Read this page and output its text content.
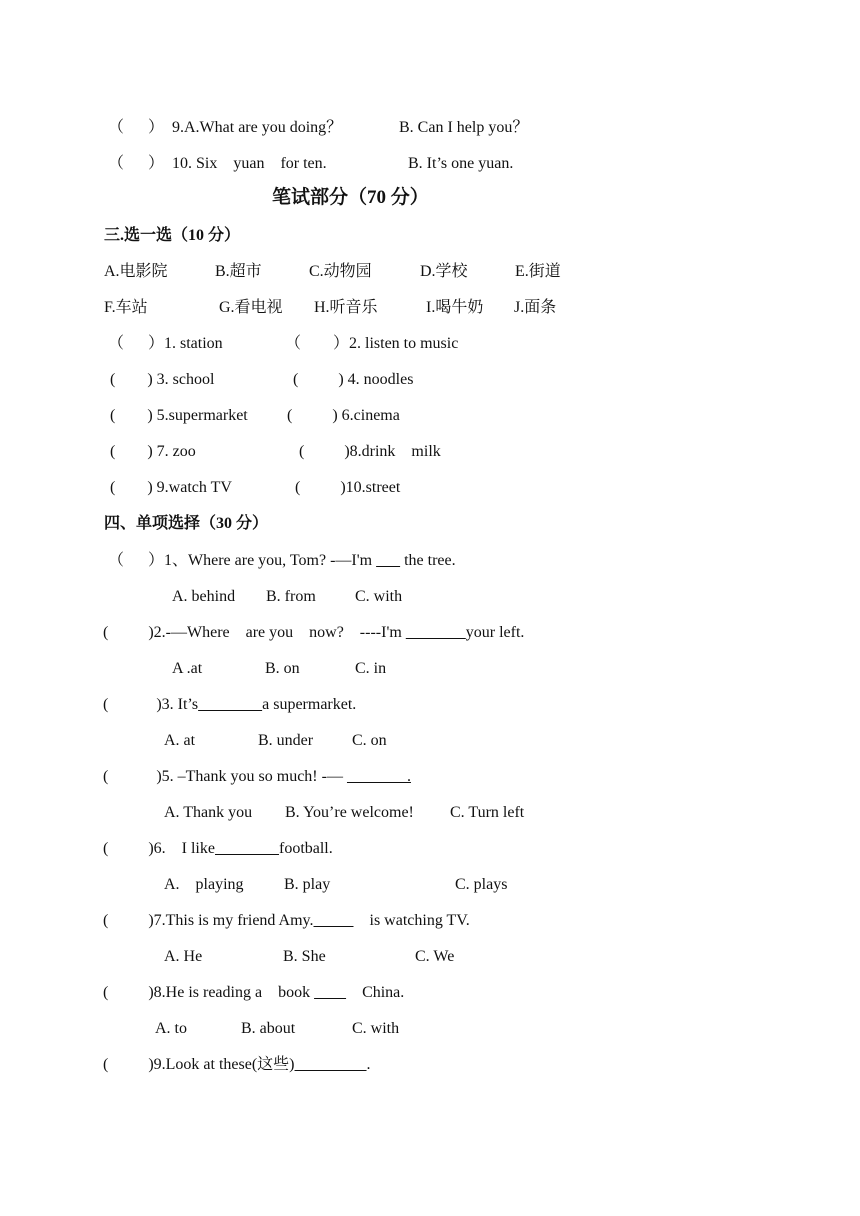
（      ） 9.A.What are you doing？	B. Can I help you？
（      ） 10. Six    yuan    for ten.	B. It’s one yuan.
笔试部分（70 分）
三.选一选（10 分）
A.电影院	B.超市	C.动物园	D.学校	E.街道
F.车站	G.看电视 H.听音乐	I.喝牛奶 J.面条
（      ）1. station	（        ）2. listen to music
(        ) 3. school	(          ) 4. noodles
(        ) 5.supermarket (          ) 6.cinema
(        ) 7. zoo	(          )8.drink    milk
(        ) 9.watch TV	(          )10.street
四、单项选择（30 分）
（      ）1、Where are you, Tom? -—I'm        the tree.
A. behind B. from C. with
(          )2.-—Where    are you    now?    ----I'm	your left.
A .at	B. on	C. in
(            )3. It’s	a supermarket.
A. at	B. under C. on
(            )5. –Thank you so much! -—                .
A. Thank you B. You’re welcome! C. Turn left
(          )6.    I like	football.
A.    playing	B. play	C. plays
(          )7.This is my friend Amy.	is watching TV.
A. He	B. She	C. We
(          )8.He is reading a    book             China.
A. to	B. about	C. with
(          )9.Look at these(这些)	.
